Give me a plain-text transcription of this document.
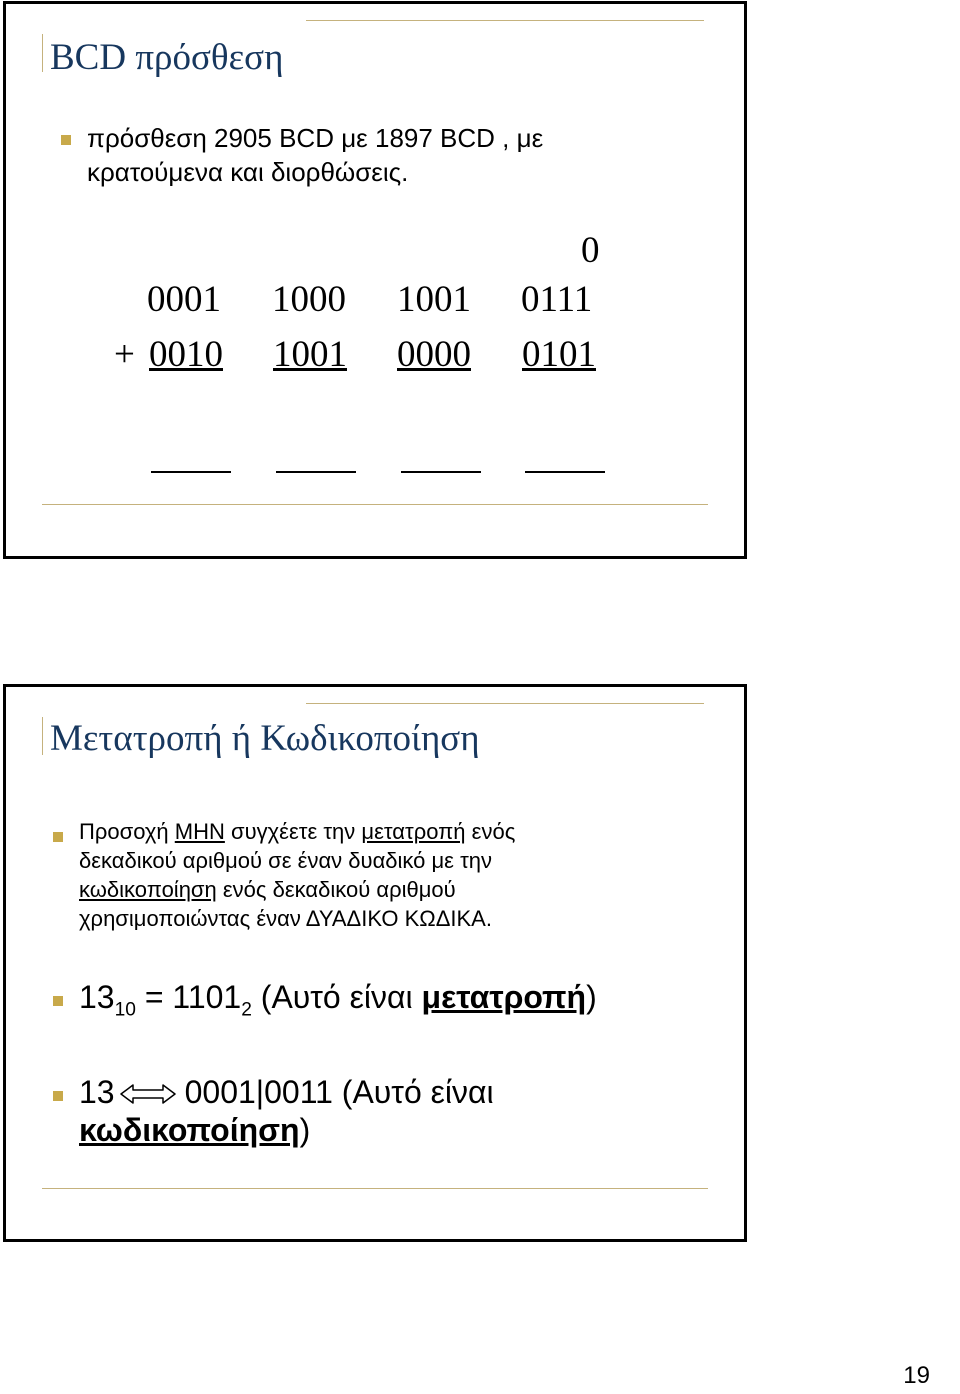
BCD πρόσθεση
πρόσθεση 2905 BCD με 1897 BCD , με
κρατούμενα και διορθώσεις.
0
0001 1000 1001 0111
+ 0010 1001 0000 0101
Μετατροπή ή Κωδικοποίηση
Προσοχή ΜΗΝ συγχέετε την μετατροπή ενός
δεκαδικού αριθμού σε έναν δυαδικό με την
κωδικοποίηση ενός δεκαδικού αριθμού
χρησιμοποιώντας έναν ΔΥΑΔΙΚΟ ΚΩΔΙΚΑ.
$13_{10} = 1101_2$ (Αυτό είναι μετατροπή)
13 0001|0011 (Αυτό είναι
κωδικοποίηση)
19
